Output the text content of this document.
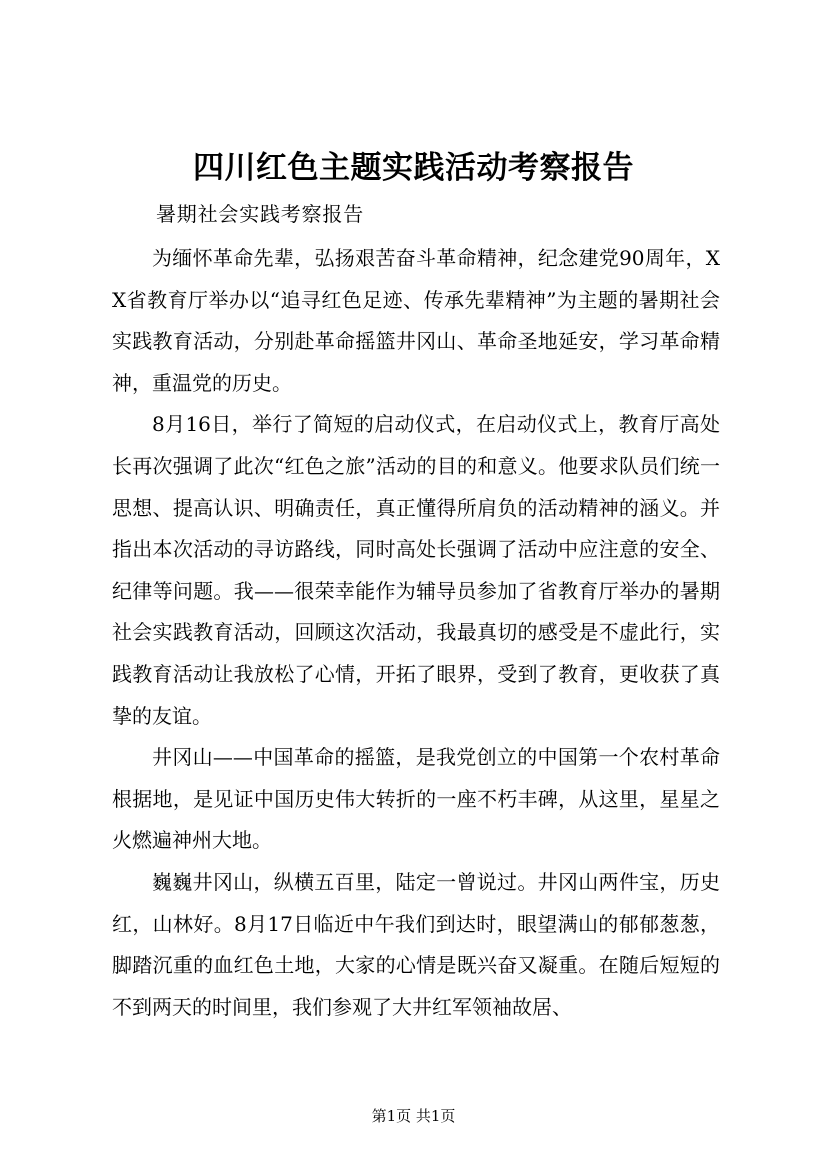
四川红色主题实践活动考察报告
暑期社会实践考察报告

为缅怀革命先辈，弘扬艰苦奋斗革命精神，纪念建党90周年，XX省教育厅举办以“追寻红色足迹、传承先辈精神”为主题的暑期社会实践教育活动，分别赴革命摇篮井冈山、革命圣地延安，学习革命精神，重温党的历史。

8月16日，举行了简短的启动仪式，在启动仪式上，教育厅高处长再次强调了此次“红色之旅”活动的目的和意义。他要求队员们统一思想、提高认识、明确责任，真正懂得所肩负的活动精神的涵义。并指出本次活动的寻访路线，同时高处长强调了活动中应注意的安全、纪律等问题。我——很荣幸能作为辅导员参加了省教育厅举办的暑期社会实践教育活动，回顾这次活动，我最真切的感受是不虚此行，实践教育活动让我放松了心情，开拓了眼界，受到了教育，更收获了真挚的友谊。

井冈山——中国革命的摇篮，是我党创立的中国第一个农村革命根据地，是见证中国历史伟大转折的一座不朽丰碑，从这里，星星之火燃遍神州大地。

巍巍井冈山，纵横五百里，陆定一曾说过。井冈山两件宝，历史红，山林好。8月17日临近中午我们到达时，眼望满山的郁郁葱葱，脚踏沉重的血红色土地，大家的心情是既兴奋又凝重。在随后短短的不到两天的时间里，我们参观了大井红军领袖故居、

第1页 共1页
